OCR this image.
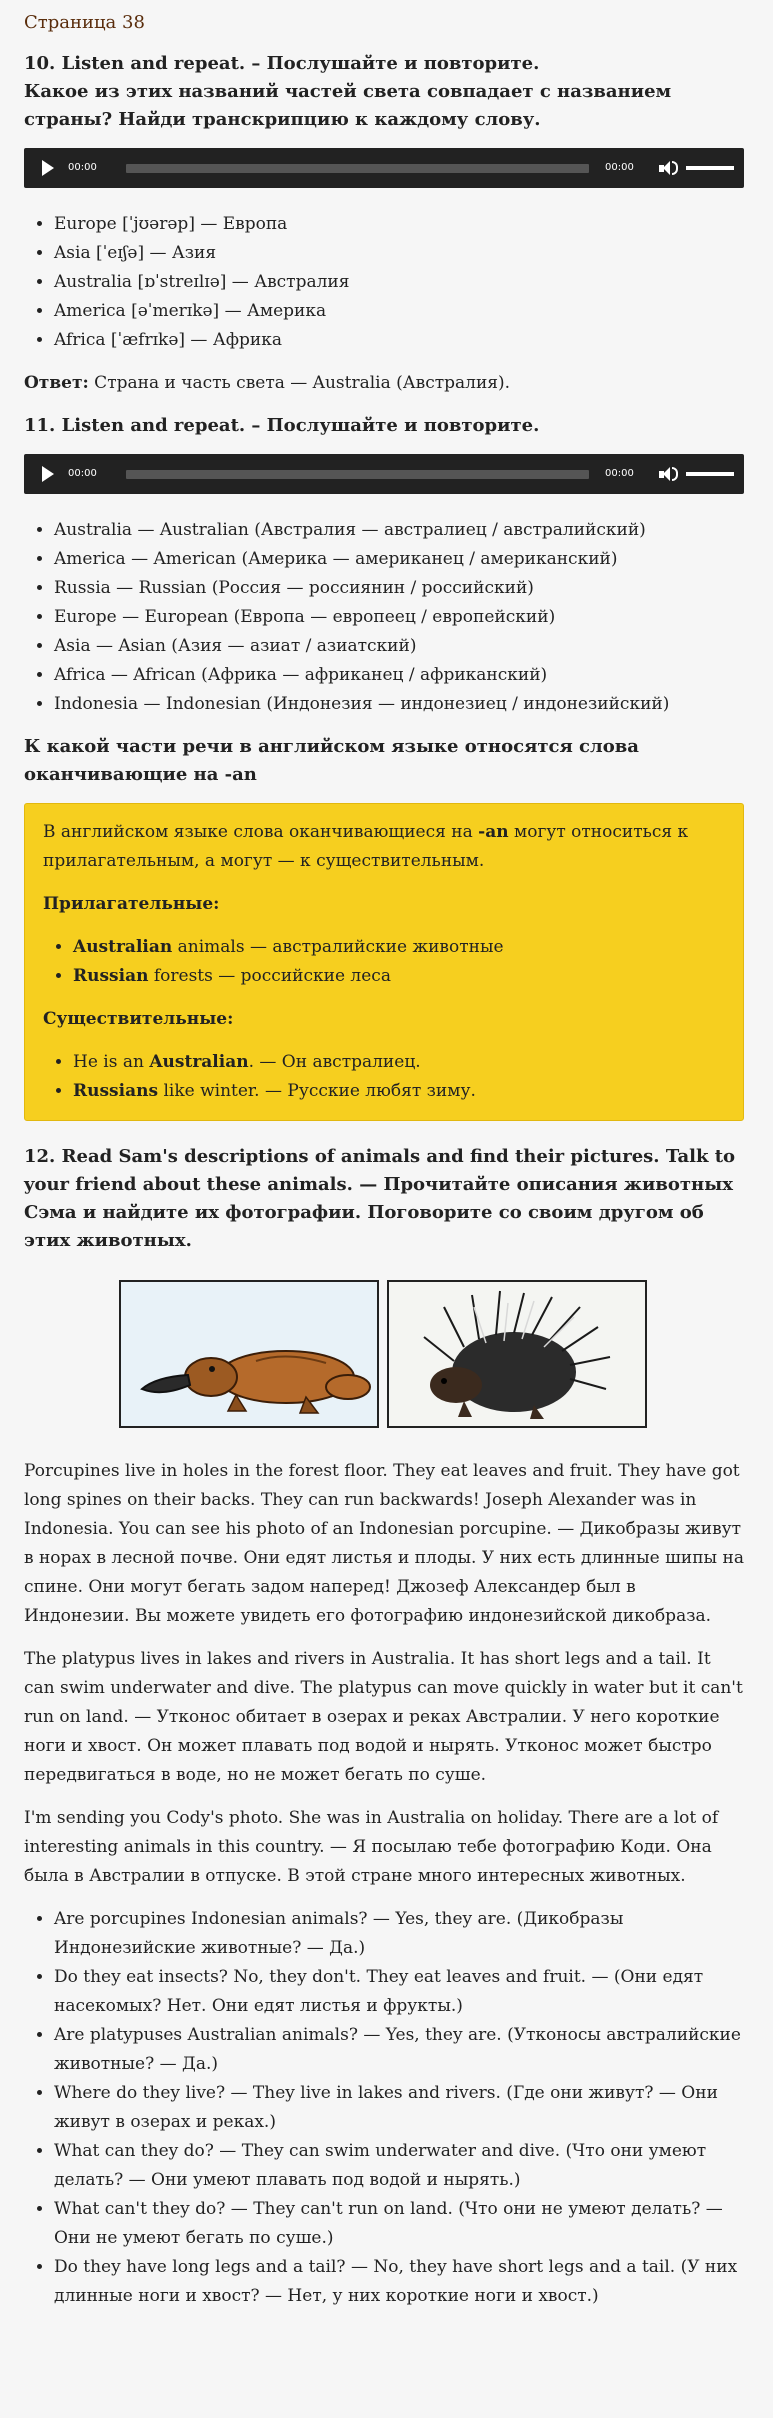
Страница 38

10. Listen and repeat. – Послушайте и повторите.

Какое из этих названий частей света совпадает с названием страны? Найди транскрипцию к каждому слову.

00:00	00:00
• Europe [ˈjʊərəp] — Европа
• Asia [ˈeɪʃə] — Азия
• Australia [ɒˈstreɪlɪə] — Австралия
• America [əˈmerɪkə] — Америка
• Africa [ˈæfrɪkə] — Африка

Ответ: Страна и часть света — Australia (Австралия).

11. Listen and repeat. – Послушайте и повторите.

00:00	00:00
• Australia — Australian (Австралия — австралиец / австралийский)
• America — American (Америка — американец / американский)
• Russia — Russian (Россия — россиянин / российский)
• Europe — European (Европа — европеец / европейский)
• Asia — Asian (Азия — азиат / азиатский)
• Africa — African (Африка — африканец / африканский)
• Indonesia — Indonesian (Индонезия — индонезиец / индонезийский)

К какой части речи в английском языке относятся слова оканчивающие на -an

В английском языке слова оканчивающиеся на -an могут относиться к прилагательным, а могут — к существительным.

Прилагательные:

• Australian animals — австралийские животные
• Russian forests — российские леса

Существительные:

• He is an Australian. — Он австралиец.
• Russians like winter. — Русские любят зиму.

12. Read Sam's descriptions of animals and find their pictures. Talk to your friend about these animals. — Прочитайте описания животных Сэма и найдите их фотографии. Поговорите со своим другом об этих животных.

Porcupines live in holes in the forest floor. They eat leaves and fruit. They have got long spines on their backs. They can run backwards! Joseph Alexander was in Indonesia. You can see his photo of an Indonesian porcupine. — Дикобразы живут в норах в лесной почве. Они едят листья и плоды. У них есть длинные шипы на спине. Они могут бегать задом наперед! Джозеф Александер был в Индонезии. Вы можете увидеть его фотографию индонезийской дикобраза.

The platypus lives in lakes and rivers in Australia. It has short legs and a tail. It can swim underwater and dive. The platypus can move quickly in water but it can't run on land. — Утконос обитает в озерах и реках Австралии. У него короткие ноги и хвост. Он может плавать под водой и нырять. Утконос может быстро передвигаться в воде, но не может бегать по суше.

I'm sending you Cody's photo. She was in Australia on holiday. There are a lot of interesting animals in this country. — Я посылаю тебе фотографию Коди. Она была в Австралии в отпуске. В этой стране много интересных животных.

• Are porcupines Indonesian animals? — Yes, they are. (Дикобразы Индонезийские животные? — Да.)
• Do they eat insects? No, they don't. They eat leaves and fruit. — (Они едят насекомых? Нет. Они едят листья и фрукты.)
• Are platypuses Australian animals? — Yes, they are. (Утконосы австралийские животные? — Да.)
• Where do they live? — They live in lakes and rivers. (Где они живут? — Они живут в озерах и реках.)
• What can they do? — They can swim underwater and dive. (Что они умеют делать? — Они умеют плавать под водой и нырять.)
• What can't they do? — They can't run on land. (Что они не умеют делать? — Они не умеют бегать по суше.)
• Do they have long legs and a tail? — No, they have short legs and a tail. (У них длинные ноги и хвост? — Нет, у них короткие ноги и хвост.)
